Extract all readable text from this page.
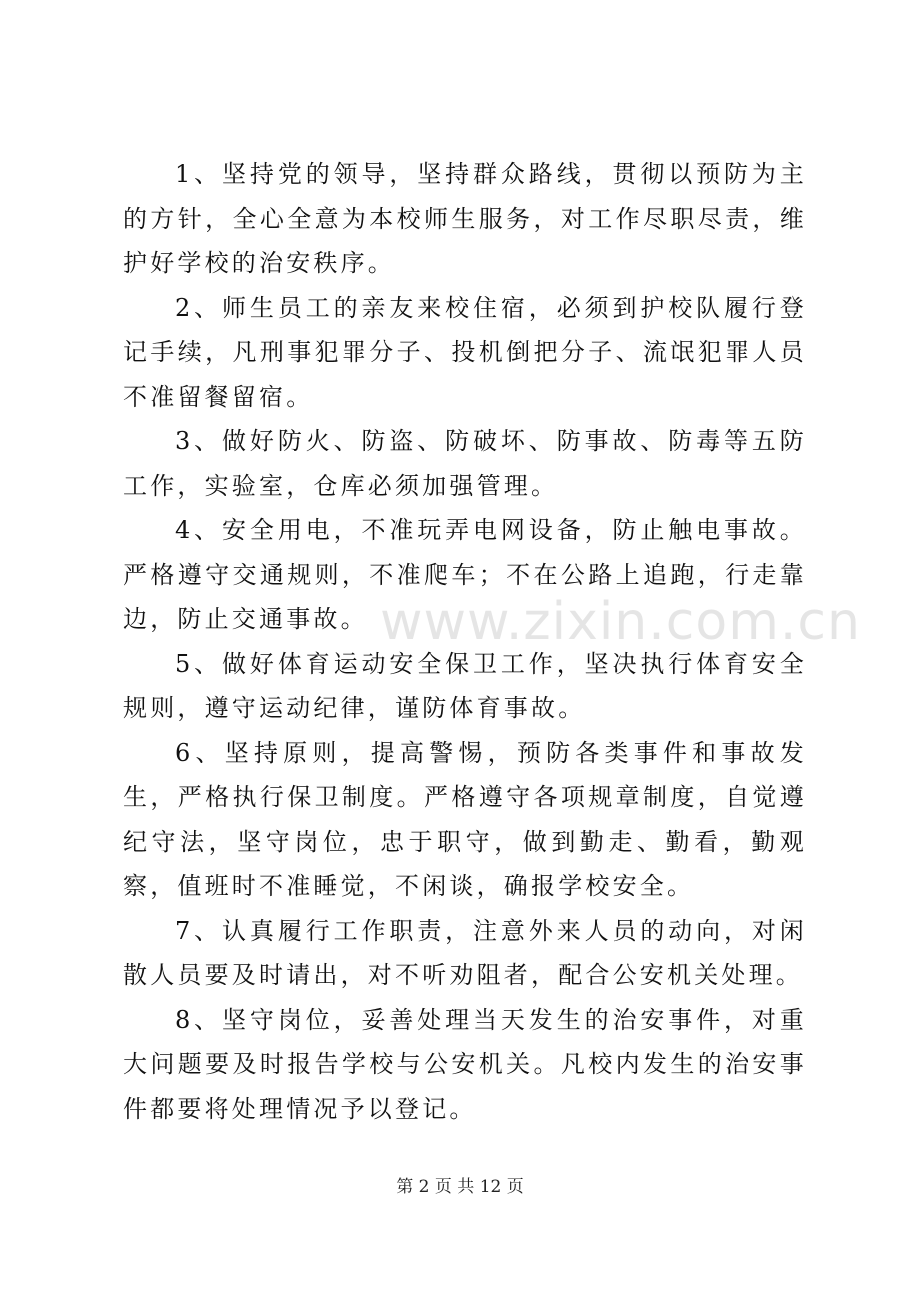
1、坚持党的领导，坚持群众路线，贯彻以预防为主的方针，全心全意为本校师生服务，对工作尽职尽责，维护好学校的治安秩序。

2、师生员工的亲友来校住宿，必须到护校队履行登记手续，凡刑事犯罪分子、投机倒把分子、流氓犯罪人员不准留餐留宿。

3、做好防火、防盗、防破坏、防事故、防毒等五防工作，实验室，仓库必须加强管理。

4、安全用电，不准玩弄电网设备，防止触电事故。严格遵守交通规则，不准爬车；不在公路上追跑，行走靠边，防止交通事故。

5、做好体育运动安全保卫工作，坚决执行体育安全规则，遵守运动纪律，谨防体育事故。

6、坚持原则，提高警惕，预防各类事件和事故发生，严格执行保卫制度。严格遵守各项规章制度，自觉遵纪守法，坚守岗位，忠于职守，做到勤走、勤看，勤观察，值班时不准睡觉，不闲谈，确报学校安全。

7、认真履行工作职责，注意外来人员的动向，对闲散人员要及时请出，对不听劝阻者，配合公安机关处理。

8、坚守岗位，妥善处理当天发生的治安事件，对重大问题要及时报告学校与公安机关。凡校内发生的治安事件都要将处理情况予以登记。

www.zixin.com.cn
第 2 页 共 12 页
